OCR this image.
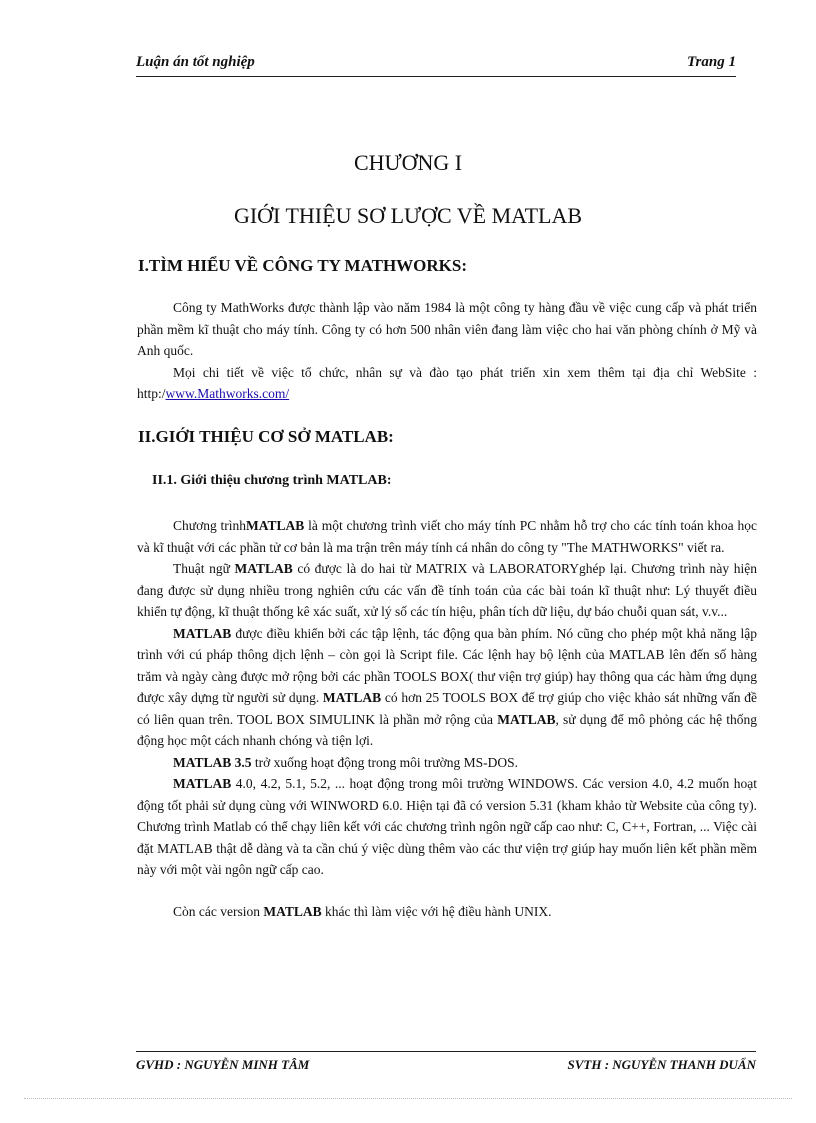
Luận án tốt nghiệp	Trang 1
CHƯƠNG I
GIỚI THIỆU SƠ LƯỢC VỀ MATLAB
I.TÌM HIỂU VỀ CÔNG TY MATHWORKS:

Công ty MathWorks được thành lập vào năm 1984 là một công ty hàng đầu về việc cung cấp và phát triển phần mềm kĩ thuật cho máy tính. Công ty có hơn 500 nhân viên đang làm việc cho hai văn phòng chính ở Mỹ và Anh quốc.

Mọi chi tiết về việc tổ chức, nhân sự và đào tạo phát triển xin xem thêm tại địa chỉ WebSite : http:/www.Mathworks.com/

II.GIỚI THIỆU CƠ SỞ MATLAB:
II.1. Giới thiệu chương trình MATLAB:

Chương trìnhMATLAB là một chương trình viết cho máy tính PC nhằm hỗ trợ cho các tính toán khoa học và kĩ thuật với các phần tử cơ bản là ma trận trên máy tính cá nhân do công ty "The MATHWORKS" viết ra.

Thuật ngữ MATLAB có được là do hai từ MATRIX và LABORATORYghép lại. Chương trình này hiện đang được sử dụng nhiều trong nghiên cứu các vấn đề tính toán của các bài toán kĩ thuật như: Lý thuyết điều khiển tự động, kĩ thuật thống kê xác suất, xử lý số các tín hiệu, phân tích dữ liệu, dự báo chuỗi quan sát, v.v...

MATLAB được điều khiển bởi các tập lệnh, tác động qua bàn phím. Nó cũng cho phép một khả năng lập trình với cú pháp thông dịch lệnh – còn gọi là Script file. Các lệnh hay bộ lệnh của MATLAB lên đến số hàng trăm và ngày càng được mở rộng bởi các phần TOOLS BOX( thư viện trợ giúp) hay thông qua các hàm ứng dụng được xây dựng từ người sử dụng. MATLAB có hơn 25 TOOLS BOX để trợ giúp cho việc khảo sát những vấn đề có liên quan trên. TOOL BOX SIMULINK là phần mở rộng của MATLAB, sử dụng để mô phỏng các hệ thống động học một cách nhanh chóng và tiện lợi.

MATLAB 3.5 trở xuống hoạt động trong môi trường MS-DOS.

MATLAB 4.0, 4.2, 5.1, 5.2, ... hoạt động trong môi trường WINDOWS. Các version 4.0, 4.2 muốn hoạt động tốt phải sử dụng cùng với WINWORD 6.0. Hiện tại đã có version 5.31 (kham khảo từ Website của công ty). Chương trình Matlab có thể chạy liên kết với các chương trình ngôn ngữ cấp cao như: C, C++, Fortran, ... Việc cài đặt MATLAB thật dễ dàng và ta cần chú ý việc dùng thêm vào các thư viện trợ giúp hay muốn liên kết phần mềm này với một vài ngôn ngữ cấp cao.

Còn các version MATLAB khác thì làm việc với hệ điều hành UNIX.

GVHD : NGUYỄN MINH TÂM	SVTH : NGUYỄN THANH DUẨN
